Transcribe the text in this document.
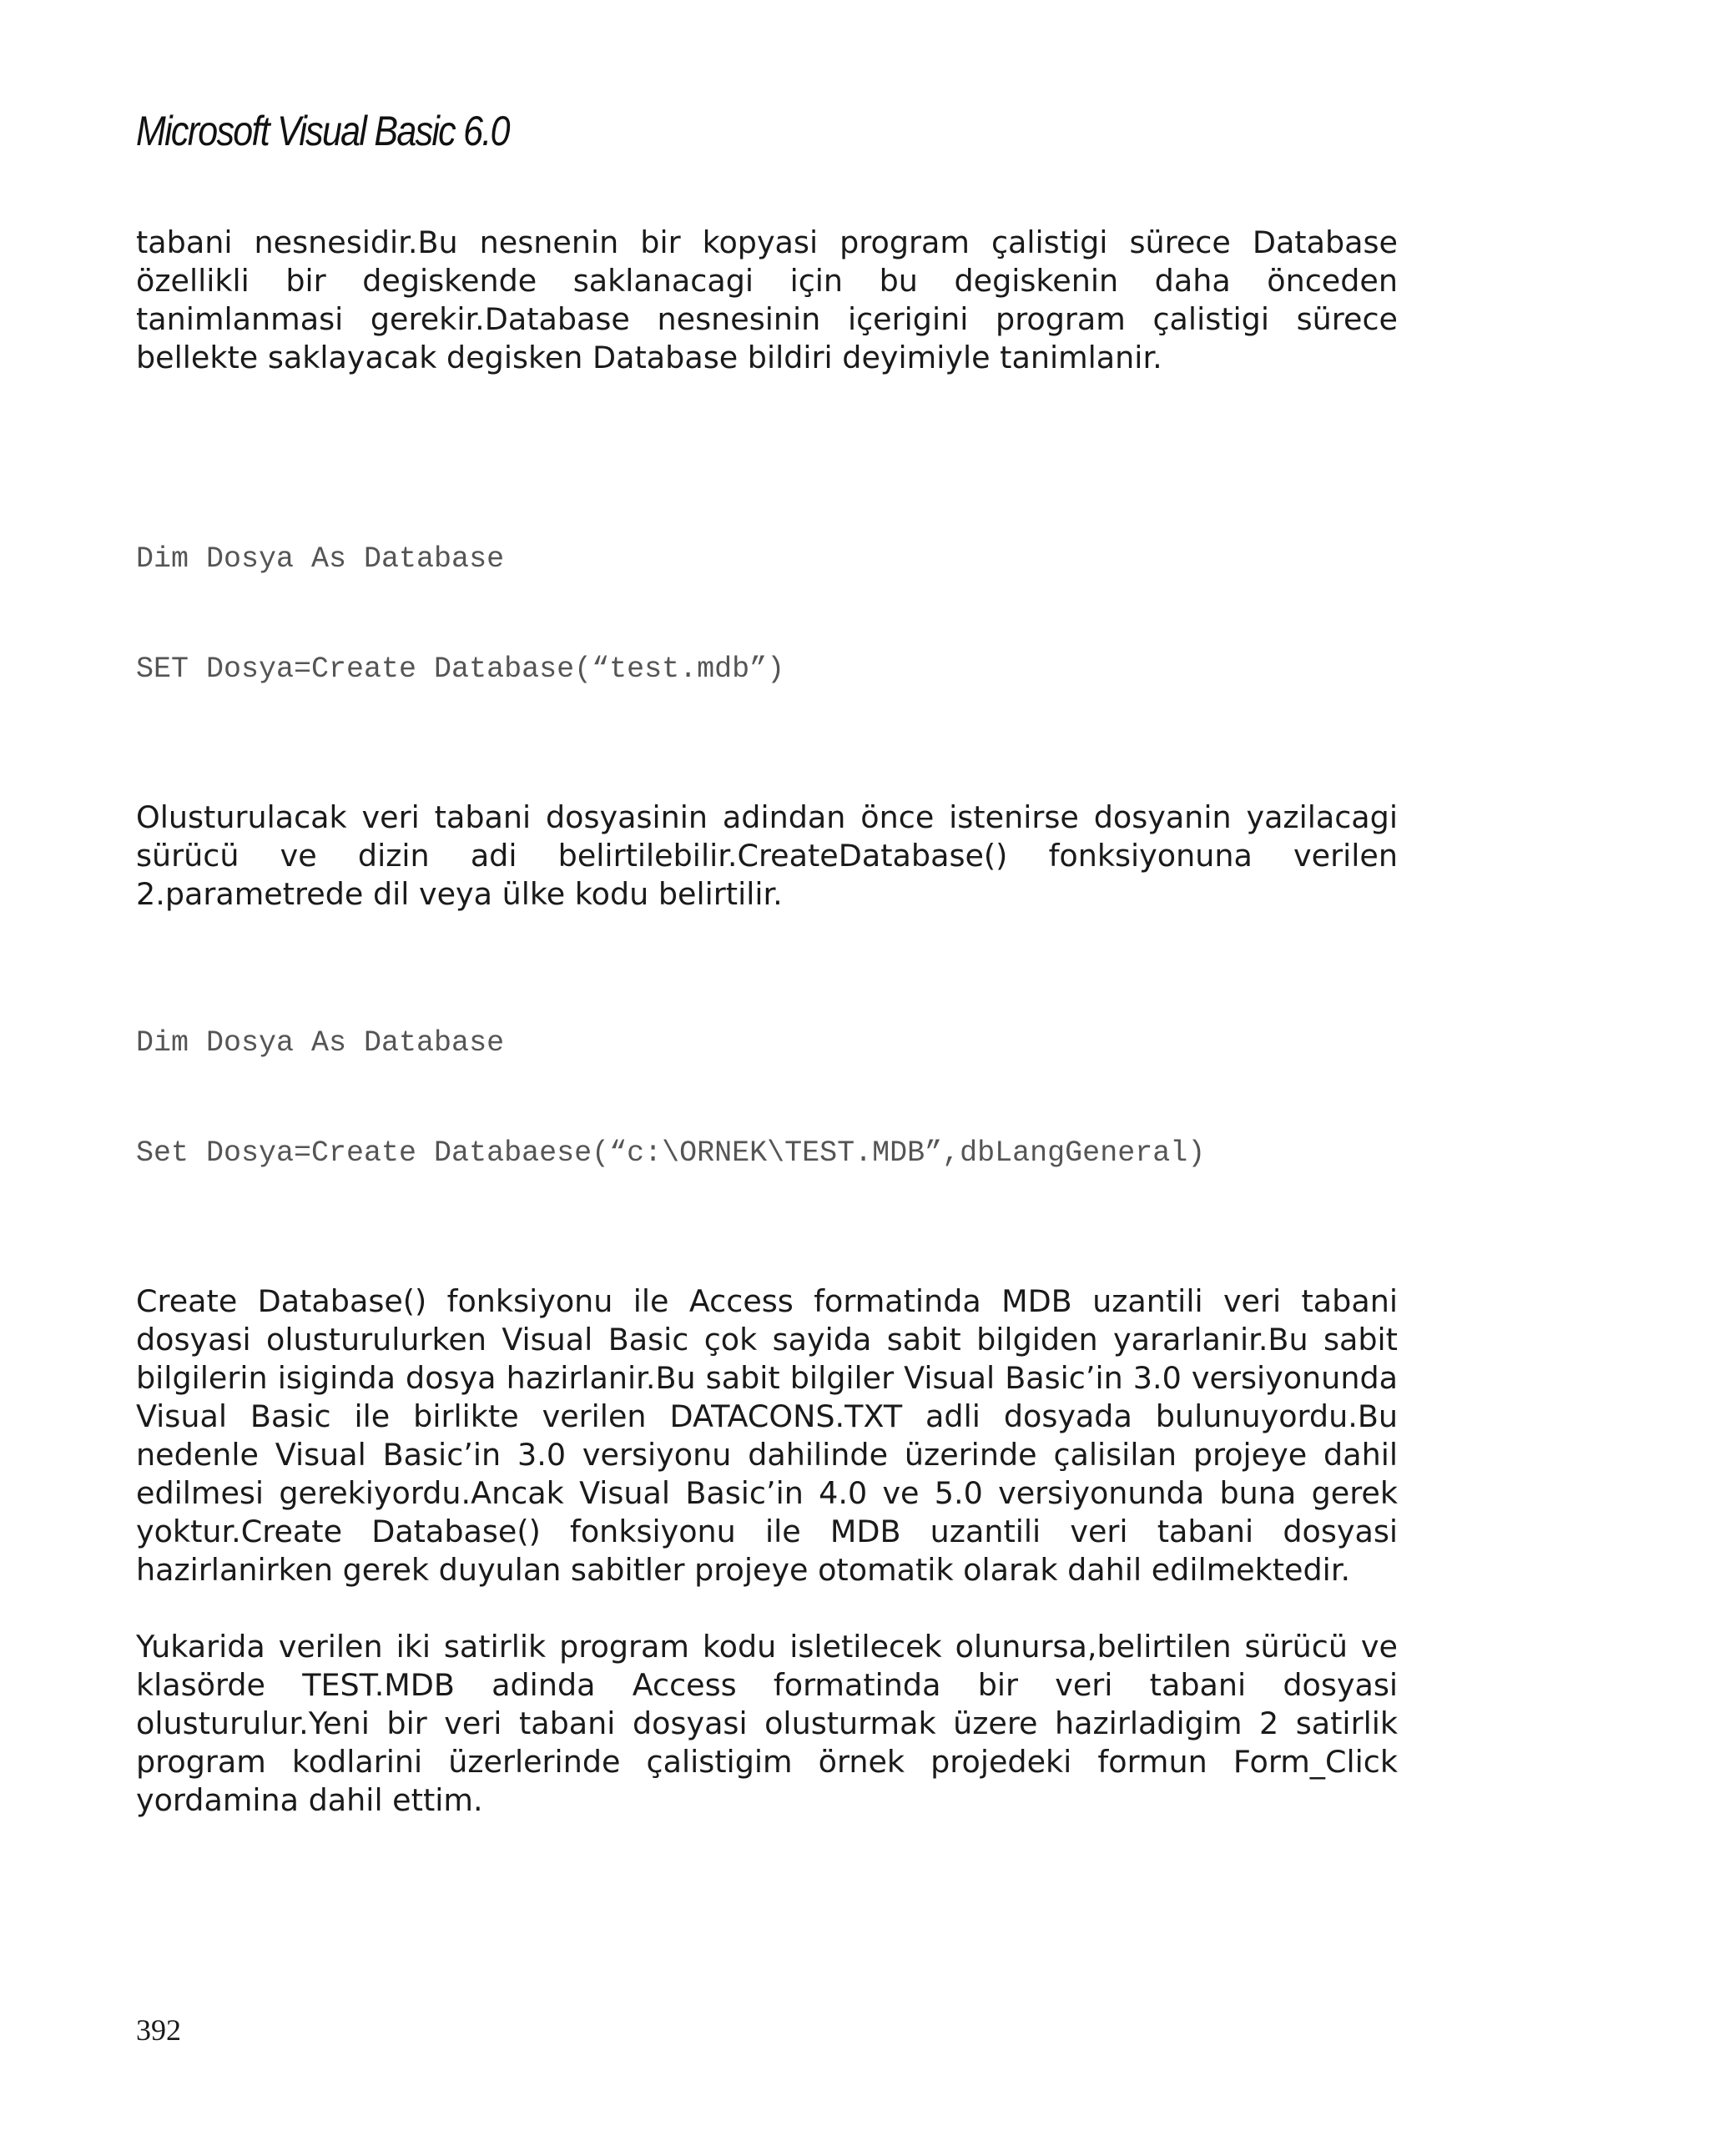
Microsoft Visual Basic 6.0

tabani nesnesidir.Bu nesnenin bir kopyasi program çalistigi sürece Database özellikli bir degiskende saklanacagi için bu degiskenin daha önceden tanimlanmasi gerekir.Database nesnesinin içerigini program çalistigi sürece bellekte saklayacak degisken Database bildiri deyimiyle tanimlanir.

Dim Dosya As Database

SET Dosya=Create Database(“test.mdb”)

Olusturulacak veri tabani dosyasinin adindan önce istenirse dosyanin yazilacagi sürücü ve dizin adi belirtilebilir.CreateDatabase() fonksiyonuna verilen 2.parametrede dil veya ülke kodu belirtilir.

Dim Dosya As Database

Set Dosya=Create Databaese(“c:\ORNEK\TEST.MDB”,dbLangGeneral)

Create Database() fonksiyonu ile Access formatinda MDB uzantili veri tabani dosyasi olusturulurken Visual Basic çok sayida sabit bilgiden yararlanir.Bu sabit bilgilerin isiginda dosya hazirlanir.Bu sabit bilgiler Visual Basic’in 3.0 versiyonunda Visual Basic ile birlikte verilen DATACONS.TXT adli dosyada bulunuyordu.Bu nedenle Visual Basic’in 3.0 versiyonu dahilinde üzerinde çalisilan projeye dahil edilmesi gerekiyordu.Ancak Visual Basic’in 4.0 ve 5.0 versiyonunda buna gerek yoktur.Create Database() fonksiyonu ile MDB uzantili veri tabani dosyasi hazirlanirken gerek duyulan sabitler projeye otomatik olarak dahil edilmektedir.

Yukarida verilen iki satirlik program kodu isletilecek olunursa,belirtilen sürücü ve klasörde TEST.MDB adinda Access formatinda bir veri tabani dosyasi olusturulur.Yeni bir veri tabani dosyasi olusturmak üzere hazirladigim 2 satirlik program kodlarini üzerlerinde çalistigim örnek projedeki formun Form_Click yordamina dahil ettim.

392
